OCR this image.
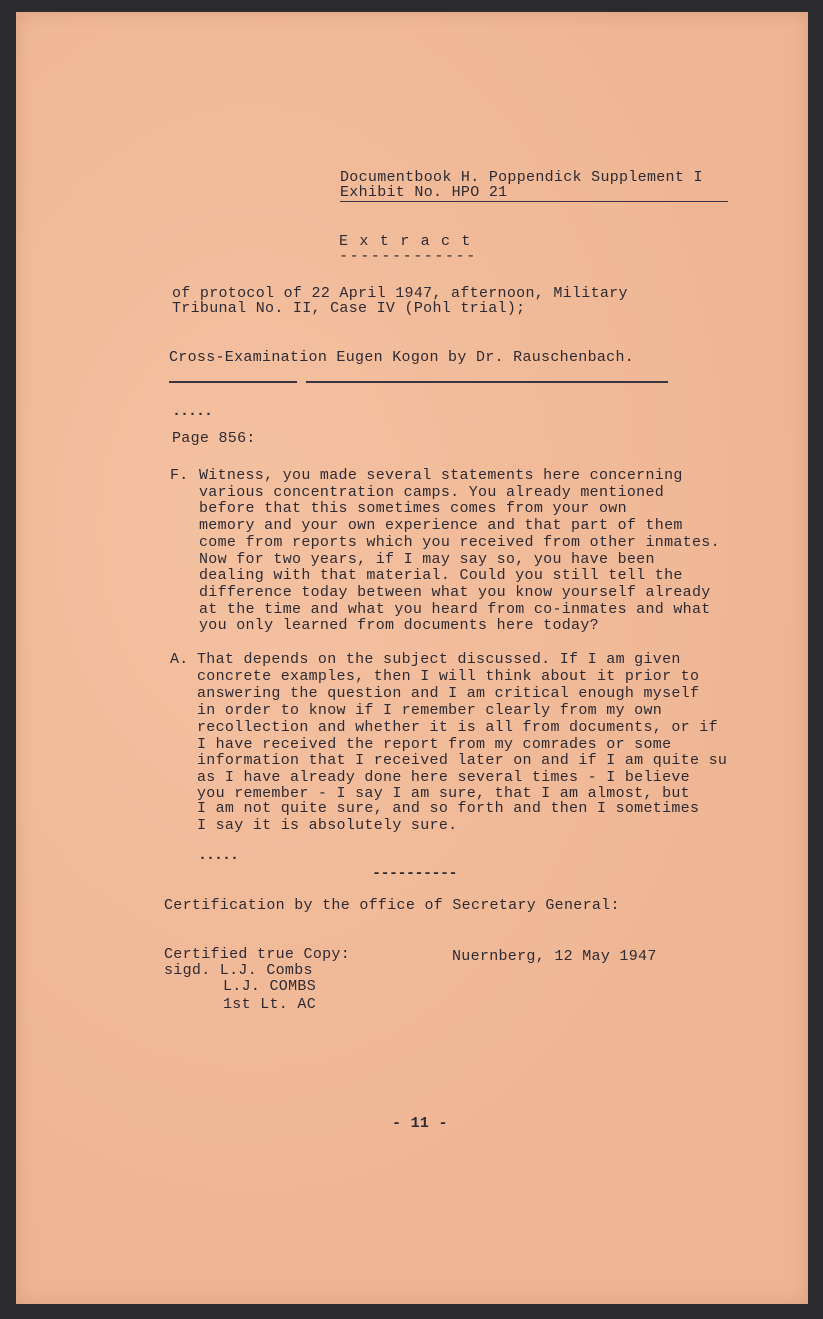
Documentbook H. Poppendick Supplement I
Exhibit No. HPO 21
E x t r a c t
-------------
of protocol of 22 April 1947, afternoon, Military
Tribunal No. II, Case IV (Pohl trial);
Cross-Examination Eugen Kogon by Dr. Rauschenbach.
.....
Page 856:
F. Witness, you made several statements here concerning
various concentration camps. You already mentioned
before that this sometimes comes from your own
memory and your own experience and that part of them
come from reports which you received from other inmates.
Now for two years, if I may say so, you have been
dealing with that material. Could you still tell the
difference today between what you know yourself already
at the time and what you heard from co-inmates and what
you only learned from documents here today?
A. That depends on the subject discussed. If I am given
concrete examples, then I will think about it prior to
answering the question and I am critical enough myself
in order to know if I remember clearly from my own
recollection and whether it is all from documents, or if
I have received the report from my comrades or some
information that I received later on and if I am quite su
as I have already done here several times - I believe
you remember - I say I am sure, that I am almost, but
I am not quite sure, and so forth and then I sometimes
I say it is absolutely sure.
.....
----------
Certification by the office of Secretary General:
Certified true Copy:
sigd. L.J. Combs
L.J. COMBS
1st Lt. AC
Nuernberg, 12 May 1947
- 11 -
